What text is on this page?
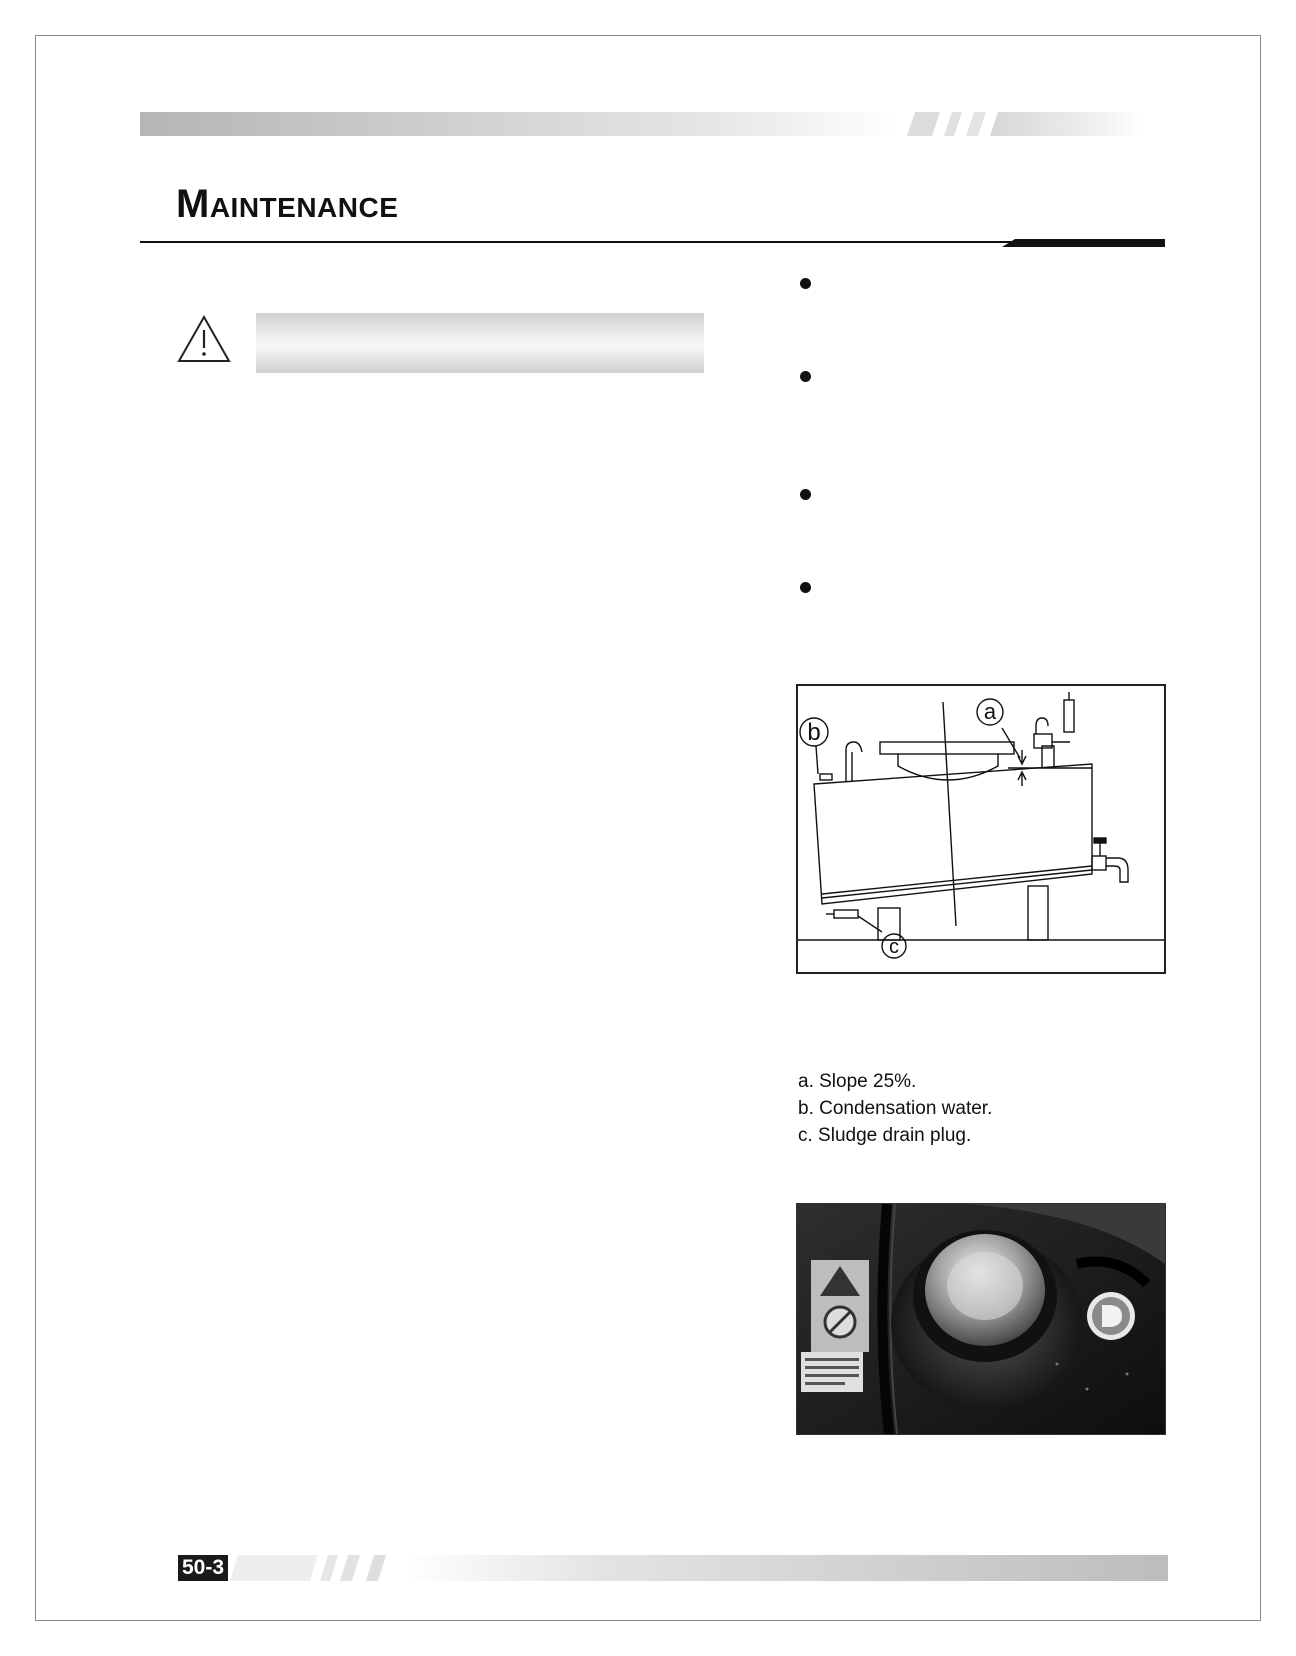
Maintenance
a
b
c
a. Slope 25%.
b. Condensation water.
c. Sludge drain plug.
50-3
